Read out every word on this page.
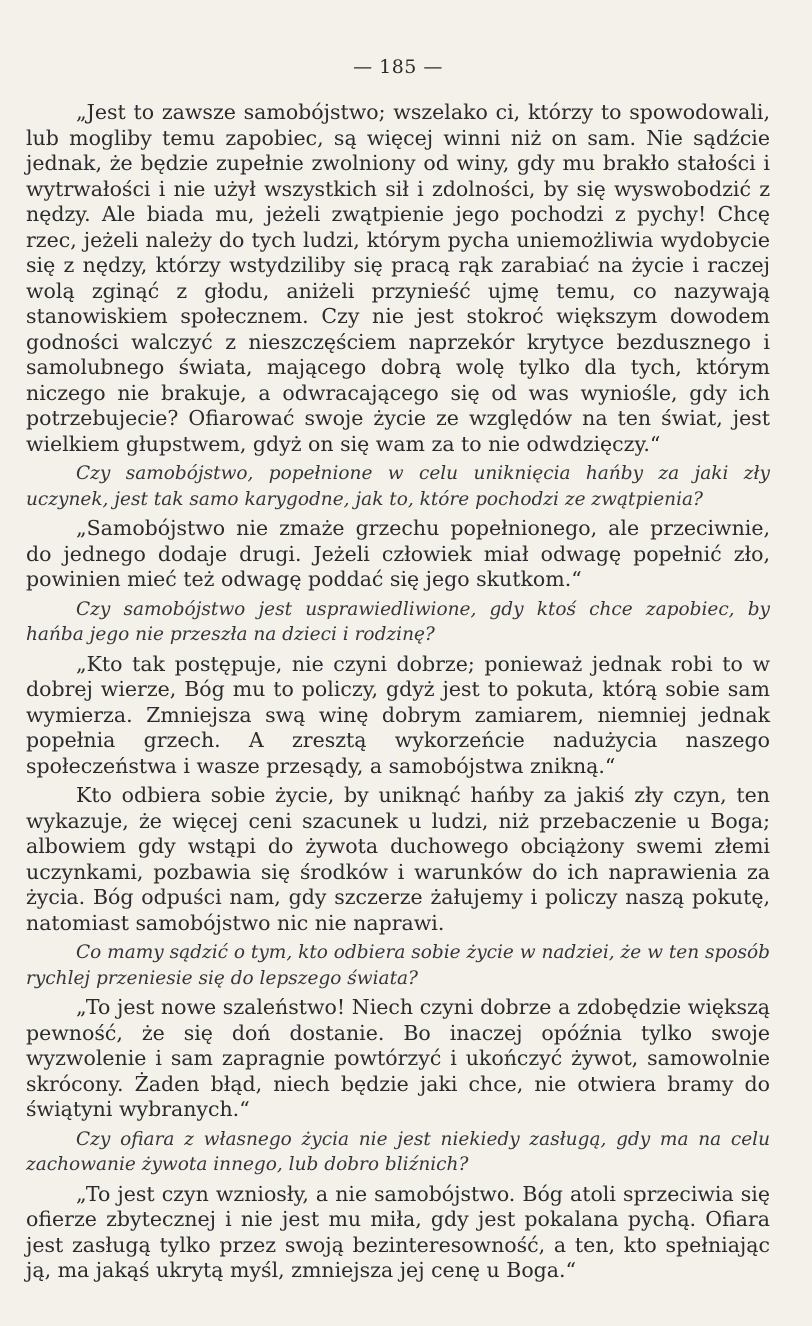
— 185 —

„Jest to zawsze samobójstwo; wszelako ci, którzy to spowodowali, lub mogliby temu zapobiec, są więcej winni niż on sam. Nie sądźcie jednak, że będzie zupełnie zwolniony od winy, gdy mu brakło stałości i wytrwałości i nie użył wszystkich sił i zdolności, by się wyswobodzić z nędzy. Ale biada mu, jeżeli zwątpienie jego pochodzi z pychy! Chcę rzec, jeżeli należy do tych ludzi, którym pycha uniemożliwia wydobycie się z nędzy, którzy wstydziliby się pracą rąk zarabiać na życie i raczej wolą zginąć z głodu, aniżeli przynieść ujmę temu, co nazywają stanowiskiem społecznem. Czy nie jest stokroć większym dowodem godności walczyć z nieszczęściem naprzekór krytyce bezdusznego i samolubnego świata, mającego dobrą wolę tylko dla tych, którym niczego nie brakuje, a odwracającego się od was wyniośle, gdy ich potrzebujecie? Ofiarować swoje życie ze względów na ten świat, jest wielkiem głupstwem, gdyż on się wam za to nie odwdzięczy.“

Czy samobójstwo, popełnione w celu uniknięcia hańby za jaki zły uczynek, jest tak samo karygodne, jak to, które pochodzi ze zwątpienia?

„Samobójstwo nie zmaże grzechu popełnionego, ale przeciwnie, do jednego dodaje drugi. Jeżeli człowiek miał odwagę popełnić zło, powinien mieć też odwagę poddać się jego skutkom.“

Czy samobójstwo jest usprawiedliwione, gdy ktoś chce zapobiec, by hańba jego nie przeszła na dzieci i rodzinę?

„Kto tak postępuje, nie czyni dobrze; ponieważ jednak robi to w dobrej wierze, Bóg mu to policzy, gdyż jest to pokuta, którą sobie sam wymierza. Zmniejsza swą winę dobrym zamiarem, niemniej jednak popełnia grzech. A zresztą wykorzeńcie nadużycia naszego społeczeństwa i wasze przesądy, a samobójstwa znikną.“

Kto odbiera sobie życie, by uniknąć hańby za jakiś zły czyn, ten wykazuje, że więcej ceni szacunek u ludzi, niż przebaczenie u Boga; albowiem gdy wstąpi do żywota duchowego obciążony swemi złemi uczynkami, pozbawia się środków i warunków do ich naprawienia za życia. Bóg odpuści nam, gdy szczerze żałujemy i policzy naszą pokutę, natomiast samobójstwo nic nie naprawi.

Co mamy sądzić o tym, kto odbiera sobie życie w nadziei, że w ten sposób rychlej przeniesie się do lepszego świata?

„To jest nowe szaleństwo! Niech czyni dobrze a zdobędzie większą pewność, że się doń dostanie. Bo inaczej opóźnia tylko swoje wyzwolenie i sam zapragnie powtórzyć i ukończyć żywot, samowolnie skrócony. Żaden błąd, niech będzie jaki chce, nie otwiera bramy do świątyni wybranych.“

Czy ofiara z własnego życia nie jest niekiedy zasługą, gdy ma na celu zachowanie żywota innego, lub dobro bliźnich?

„To jest czyn wzniosły, a nie samobójstwo. Bóg atoli sprzeciwia się ofierze zbytecznej i nie jest mu miła, gdy jest pokalana pychą. Ofiara jest zasługą tylko przez swoją bezinteresowność, a ten, kto spełniając ją, ma jakąś ukrytą myśl, zmniejsza jej cenę u Boga.“
